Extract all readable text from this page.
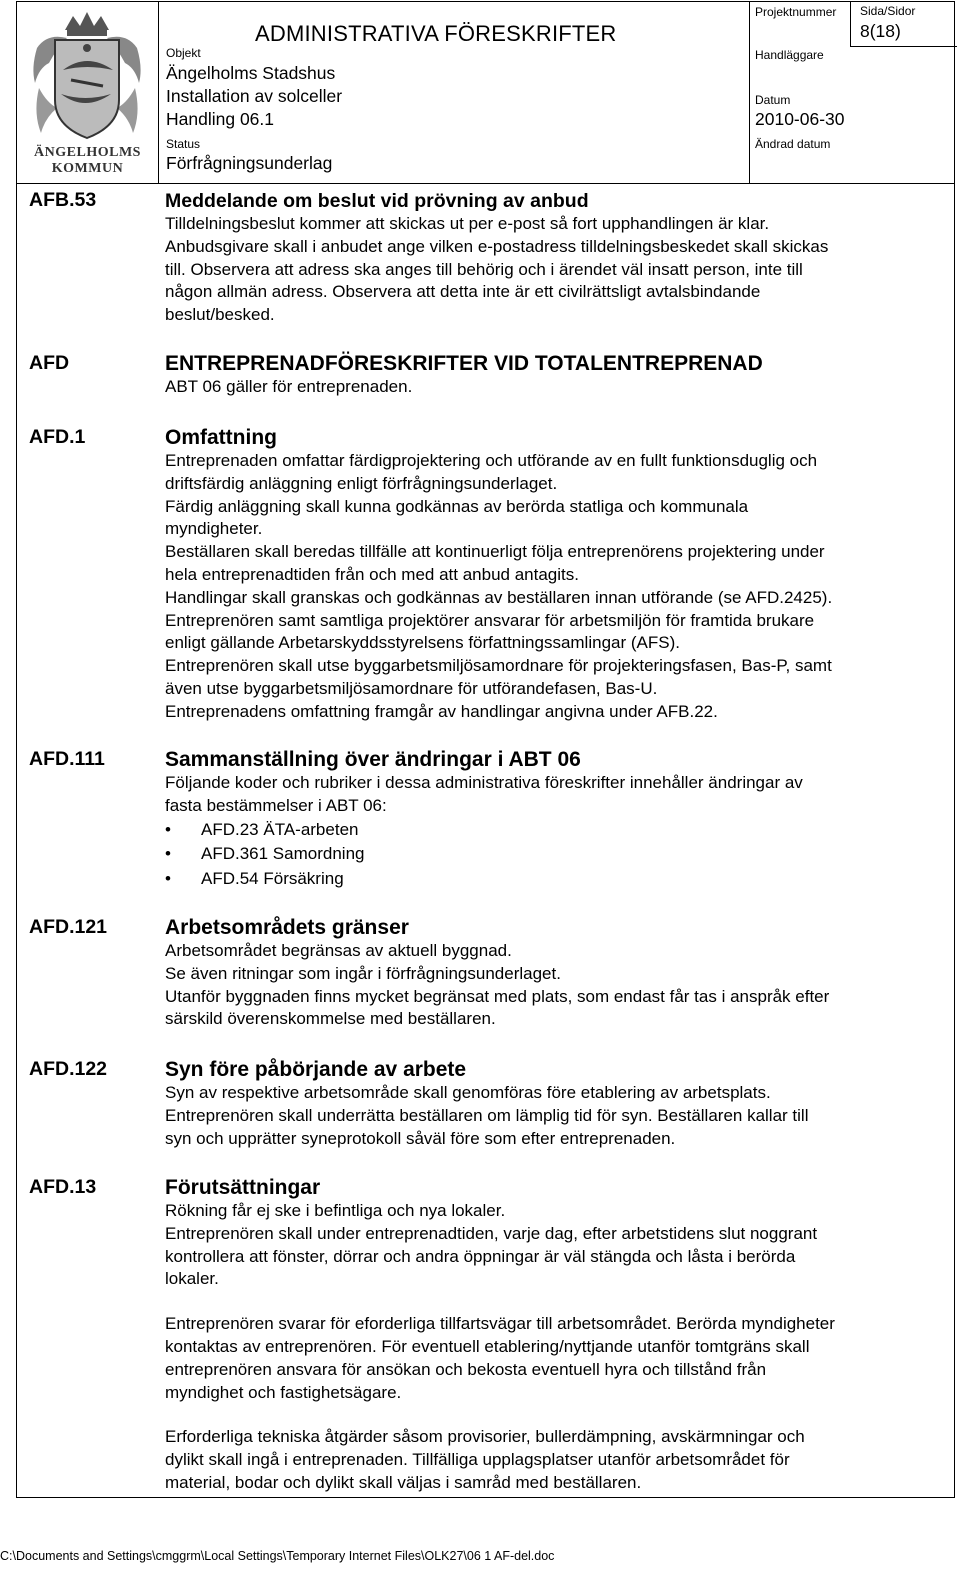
ÄNGELHOLMS
KOMMUN
ADMINISTRATIVA FÖRESKRIFTER
Objekt
Ängelholms Stadshus
Installation av solceller
Handling 06.1
Status
Förfrågningsunderlag
Projektnummer Sida/Sidor
8(18)
Handläggare
Datum
2010-06-30
Ändrad datum
AFB.53	Meddelande om beslut vid prövning av anbud
Tilldelningsbeslut kommer att skickas ut per e-post så fort upphandlingen är klar.
Anbudsgivare skall i anbudet ange vilken e-postadress tilldelningsbeskedet skall skickas
till. Observera att adress ska anges till behörig och i ärendet väl insatt person, inte till
någon allmän adress. Observera att detta inte är ett civilrättsligt avtalsbindande
beslut/besked.
AFD	ENTREPRENADFÖRESKRIFTER VID TOTALENTREPRENAD
ABT 06 gäller för entreprenaden.
AFD.1	Omfattning
Entreprenaden omfattar färdigprojektering och utförande av en fullt funktionsduglig och
driftsfärdig anläggning enligt förfrågningsunderlaget.
Färdig anläggning skall kunna godkännas av berörda statliga och kommunala
myndigheter.
Beställaren skall beredas tillfälle att kontinuerligt följa entreprenörens projektering under
hela entreprenadtiden från och med att anbud antagits.
Handlingar skall granskas och godkännas av beställaren innan utförande (se AFD.2425).
Entreprenören samt samtliga projektörer ansvarar för arbetsmiljön för framtida brukare
enligt gällande Arbetarskyddsstyrelsens författningssamlingar (AFS).
Entreprenören skall utse byggarbetsmiljösamordnare för projekteringsfasen, Bas-P, samt
även utse byggarbetsmiljösamordnare för utförandefasen, Bas-U.
Entreprenadens omfattning framgår av handlingar angivna under AFB.22.
AFD.111	Sammanställning över ändringar i ABT 06
Följande koder och rubriker i dessa administrativa föreskrifter innehåller ändringar av
fasta bestämmelser i ABT 06:
• AFD.23 ÄTA-arbeten
• AFD.361 Samordning
• AFD.54 Försäkring
AFD.121	Arbetsområdets gränser
Arbetsområdet begränsas av aktuell byggnad.
Se även ritningar som ingår i förfrågningsunderlaget.
Utanför byggnaden finns mycket begränsat med plats, som endast får tas i anspråk efter
särskild överenskommelse med beställaren.
AFD.122	Syn före påbörjande av arbete
Syn av respektive arbetsområde skall genomföras före etablering av arbetsplats.
Entreprenören skall underrätta beställaren om lämplig tid för syn. Beställaren kallar till
syn och upprätter syneprotokoll såväl före som efter entreprenaden.
AFD.13	Förutsättningar
Rökning får ej ske i befintliga och nya lokaler.
Entreprenören skall under entreprenadtiden, varje dag, efter arbetstidens slut noggrant
kontrollera att fönster, dörrar och andra öppningar är väl stängda och låsta i berörda
lokaler.
Entreprenören svarar för eforderliga tillfartsvägar till arbetsområdet. Berörda myndigheter
kontaktas av entreprenören. För eventuell etablering/nyttjande utanför tomtgräns skall
entreprenören ansvara för ansökan och bekosta eventuell hyra och tillstånd från
myndighet och fastighetsägare.
Erforderliga tekniska åtgärder såsom provisorier, bullerdämpning, avskärmningar och
dylikt skall ingå i entreprenaden. Tillfälliga upplagsplatser utanför arbetsområdet för
material, bodar och dylikt skall väljas i samråd med beställaren.
C:\Documents and Settings\cmggrm\Local Settings\Temporary Internet Files\OLK27\06 1 AF-del.doc
